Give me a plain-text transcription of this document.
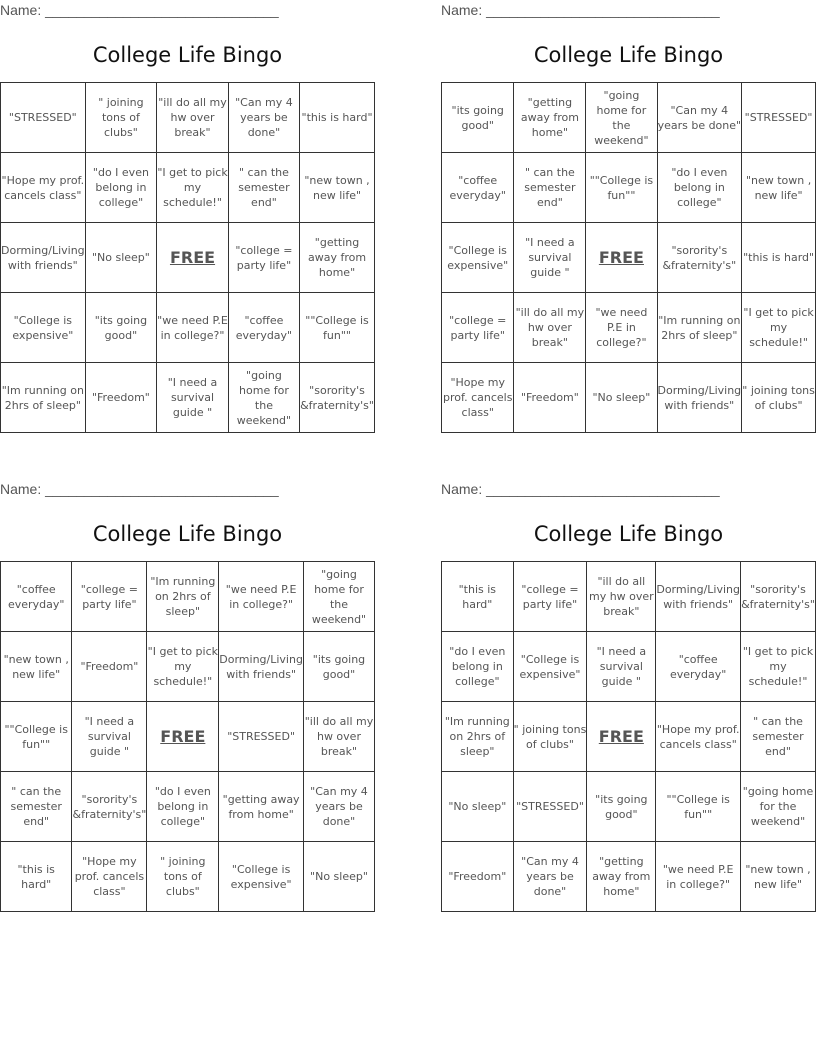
Name: ______________________________
College Life Bingo
"STRESSED"	" joining tons of clubs"	"ill do all my hw over break"	"Can my 4 years be done"	"this is hard"
"Hope my prof. cancels class"	"do I even belong in college"	"I get to pick my schedule!"	" can the semester end"	"new town , new life"
Dorming/Living with friends"	"No sleep"	FREE	"college = party life"	"getting away from home"
"College is expensive"	"its going good"	"we need P.E in college?"	"coffee everyday"	""College is fun""
"Im running on 2hrs of sleep"	"Freedom"	"I need a survival guide "	"going home for the weekend"	"sorority's &fraternity's"
Name: ______________________________
College Life Bingo
"its going good"	"getting away from home"	"going home for the weekend"	"Can my 4 years be done"	"STRESSED"
"coffee everyday"	" can the semester end"	""College is fun""	"do I even belong in college"	"new town , new life"
"College is expensive"	"I need a survival guide "	FREE	"sorority's &fraternity's"	"this is hard"
"college = party life"	"ill do all my hw over break"	"we need P.E in college?"	"Im running on 2hrs of sleep"	"I get to pick my schedule!"
"Hope my prof. cancels class"	"Freedom"	"No sleep"	Dorming/Living with friends"	" joining tons of clubs"
Name: ______________________________
College Life Bingo
"coffee everyday"	"college = party life"	"Im running on 2hrs of sleep"	"we need P.E in college?"	"going home for the weekend"
"new town , new life"	"Freedom"	"I get to pick my schedule!"	Dorming/Living with friends"	"its going good"
""College is fun""	"I need a survival guide "	FREE	"STRESSED"	"ill do all my hw over break"
" can the semester end"	"sorority's &fraternity's"	"do I even belong in college"	"getting away from home"	"Can my 4 years be done"
"this is hard"	"Hope my prof. cancels class"	" joining tons of clubs"	"College is expensive"	"No sleep"
Name: ______________________________
College Life Bingo
"this is hard"	"college = party life"	"ill do all my hw over break"	Dorming/Living with friends"	"sorority's &fraternity's"
"do I even belong in college"	"College is expensive"	"I need a survival guide "	"coffee everyday"	"I get to pick my schedule!"
"Im running on 2hrs of sleep"	" joining tons of clubs"	FREE	"Hope my prof. cancels class"	" can the semester end"
"No sleep"	"STRESSED"	"its going good"	""College is fun""	"going home for the weekend"
"Freedom"	"Can my 4 years be done"	"getting away from home"	"we need P.E in college?"	"new town , new life"
